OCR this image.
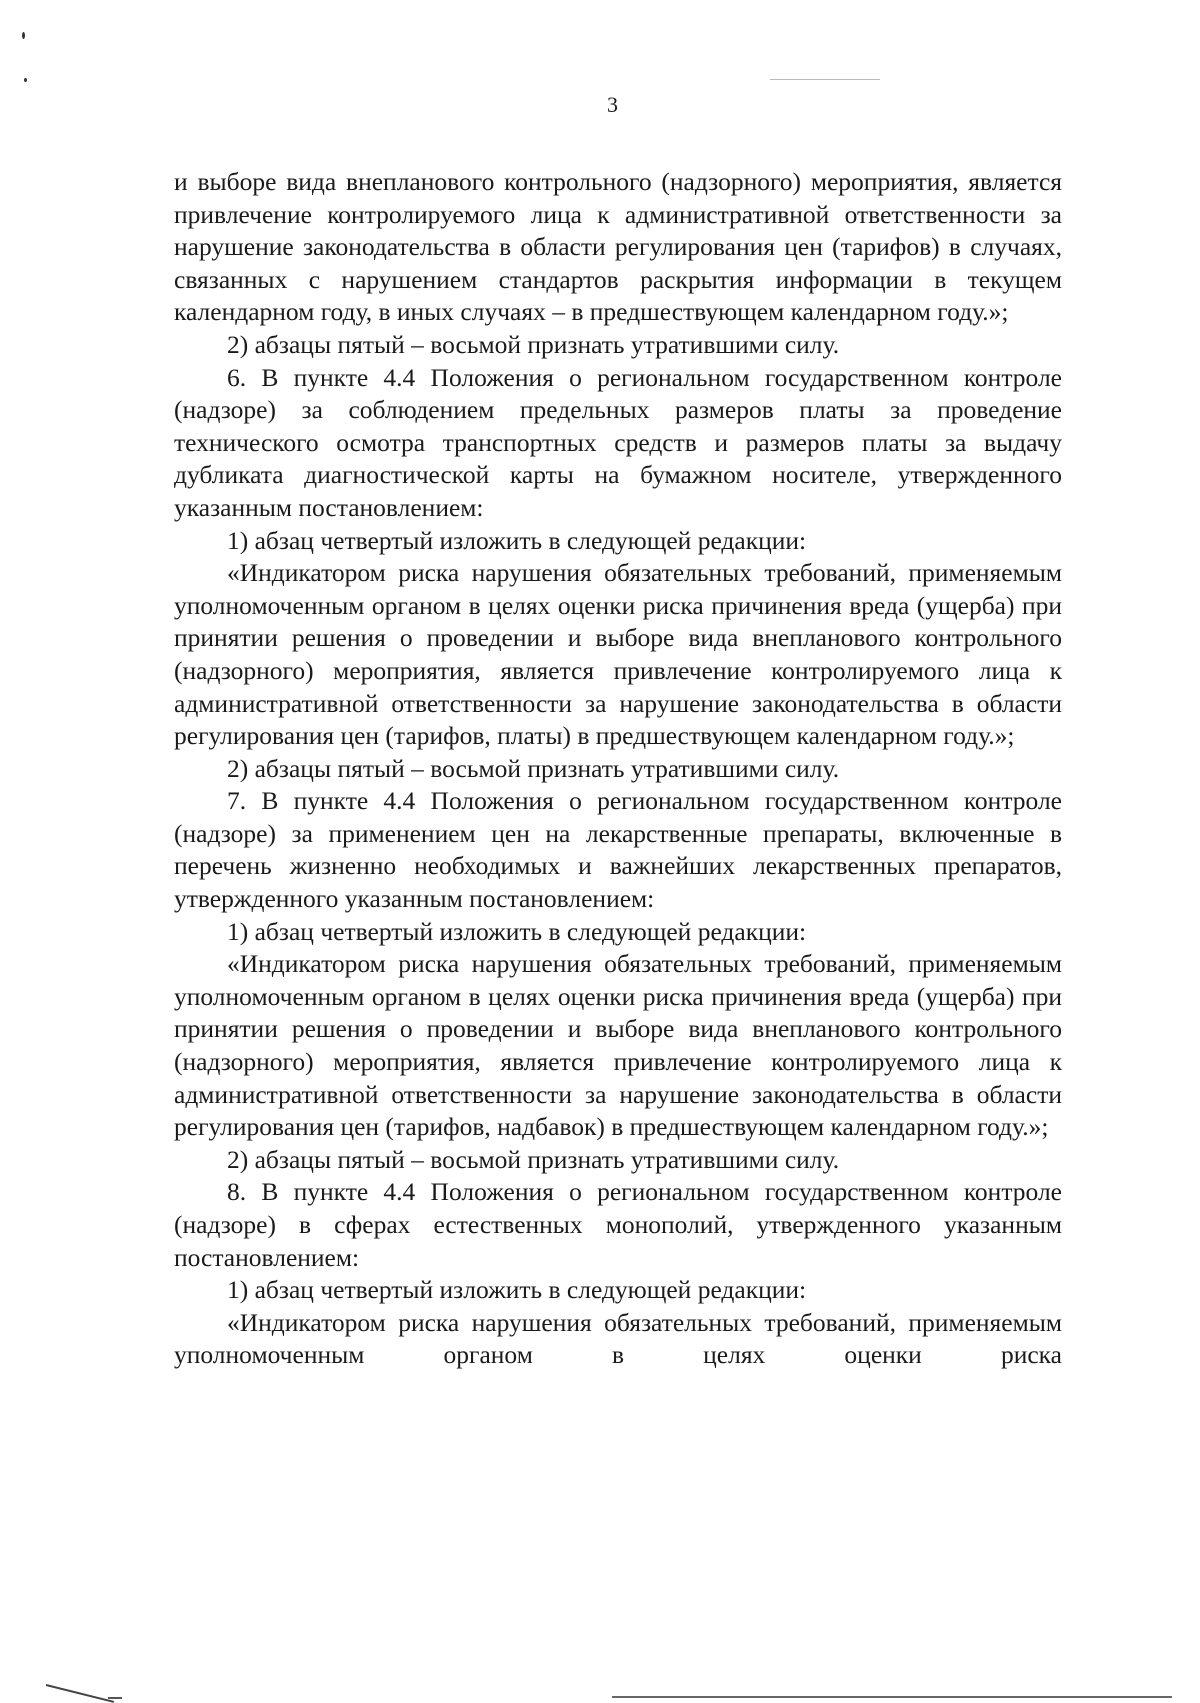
3

и выборе вида внепланового контрольного (надзорного) мероприятия, является привлечение контролируемого лица к административной ответственности за нарушение законодательства в области регулирования цен (тарифов) в случаях, связанных с нарушением стандартов раскрытия информации в текущем календарном году, в иных случаях – в предшествующем календарном году.»;

2) абзацы пятый – восьмой признать утратившими силу.

6. В пункте 4.4 Положения о региональном государственном контроле (надзоре) за соблюдением предельных размеров платы за проведение технического осмотра транспортных средств и размеров платы за выдачу дубликата диагностической карты на бумажном носителе, утвержденного указанным постановлением:

1) абзац четвертый изложить в следующей редакции:

«Индикатором риска нарушения обязательных требований, применяемым уполномоченным органом в целях оценки риска причинения вреда (ущерба) при принятии решения о проведении и выборе вида внепланового контрольного (надзорного) мероприятия, является привлечение контролируемого лица к административной ответственности за нарушение законодательства в области регулирования цен (тарифов, платы) в предшествующем календарном году.»;

2) абзацы пятый – восьмой признать утратившими силу.

7. В пункте 4.4 Положения о региональном государственном контроле (надзоре) за применением цен на лекарственные препараты, включенные в перечень жизненно необходимых и важнейших лекарственных препаратов, утвержденного указанным постановлением:

1) абзац четвертый изложить в следующей редакции:

«Индикатором риска нарушения обязательных требований, применяемым уполномоченным органом в целях оценки риска причинения вреда (ущерба) при принятии решения о проведении и выборе вида внепланового контрольного (надзорного) мероприятия, является привлечение контролируемого лица к административной ответственности за нарушение законодательства в области регулирования цен (тарифов, надбавок) в предшествующем календарном году.»;

2) абзацы пятый – восьмой признать утратившими силу.

8. В пункте 4.4 Положения о региональном государственном контроле (надзоре) в сферах естественных монополий, утвержденного указанным постановлением:

1) абзац четвертый изложить в следующей редакции:

«Индикатором риска нарушения обязательных требований, применяемым уполномоченным органом в целях оценки риска
